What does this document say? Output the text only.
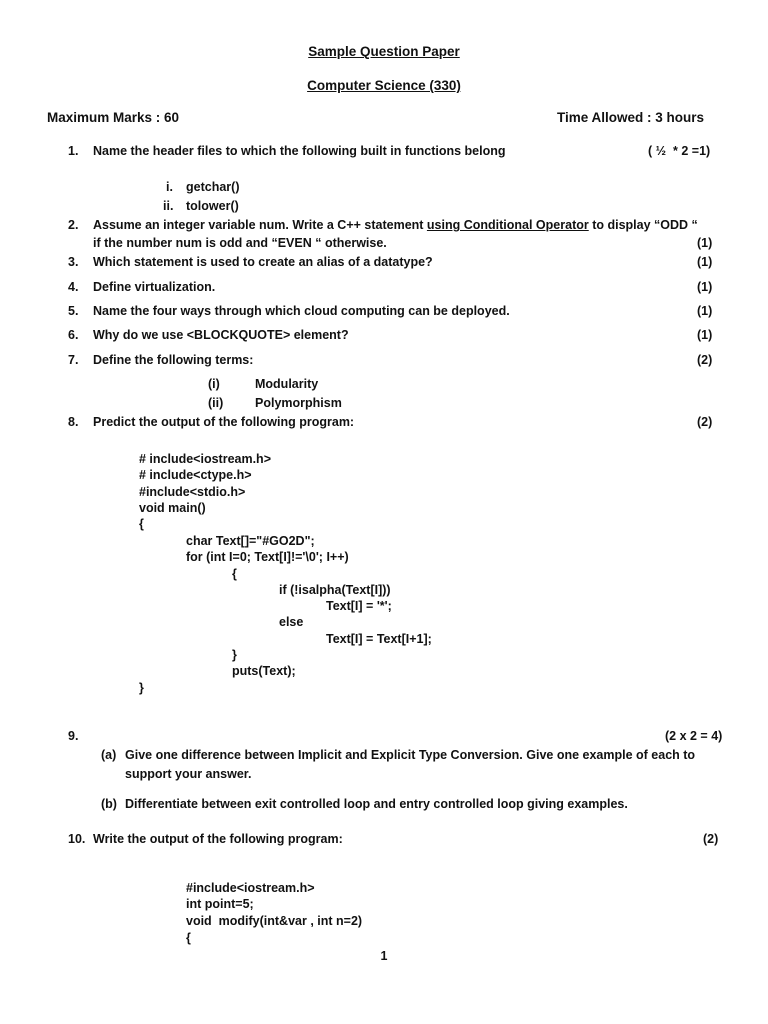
Sample Question Paper
Computer Science (330)
Maximum Marks : 60	Time Allowed : 3 hours
1. Name the header files to which the following built in functions belong	( ½  * 2 =1)
i. getchar()
ii. tolower()
2. Assume an integer variable num. Write a C++ statement using Conditional Operator to display “ODD “
if the number num is odd and “EVEN “ otherwise.	(1)
3. Which statement is used to create an alias of a datatype?	(1)
4. Define virtualization.	(1)
5. Name the four ways through which cloud computing can be deployed.	(1)
6. Why do we use <BLOCKQUOTE> element?	(1)
7. Define the following terms:	(2)
(i)	Modularity
(ii)	Polymorphism
8. Predict the output of the following program:	(2)
# include<iostream.h>
# include<ctype.h>
#include<stdio.h>
void main()
{
char Text[]="#GO2D";
for (int I=0; Text[I]!='\0'; I++)
{
if (!isalpha(Text[I]))
Text[I] = '*';
else
Text[I] = Text[I+1];
}
puts(Text);
}
9.	(2 x 2 = 4)
(a) Give one difference between Implicit and Explicit Type Conversion. Give one example of each to
support your answer.
(b) Differentiate between exit controlled loop and entry controlled loop giving examples.
10. Write the output of the following program:	(2)
#include<iostream.h>
int point=5;
void  modify(int&var , int n=2)
{
1
